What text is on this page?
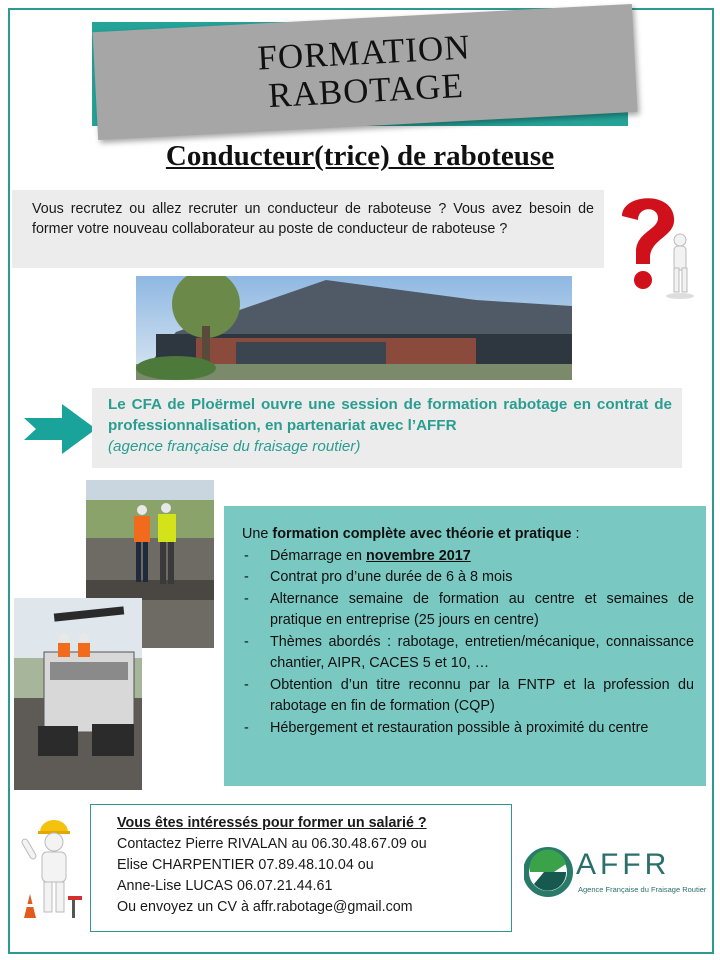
FORMATION
RABOTAGE
Conducteur(trice) de raboteuse
Vous recrutez ou allez recruter un conducteur de raboteuse ? Vous avez besoin de former votre nouveau collaborateur au poste de conducteur de raboteuse ?
Le CFA de Ploërmel ouvre une session de formation rabotage en contrat de professionnalisation, en partenariat avec l’AFFR
(agence française du fraisage routier)
Une formation complète avec théorie et pratique :
- Démarrage en novembre 2017
- Contrat pro d’une durée de 6 à 8 mois
- Alternance semaine de formation au centre et semaines de pratique en entreprise (25 jours en centre)
- Thèmes abordés : rabotage, entretien/mécanique, connaissance chantier, AIPR, CACES 5 et 10, …
- Obtention d’un titre reconnu par la FNTP et la profession du rabotage en fin de formation (CQP)
- Hébergement et restauration possible à proximité du centre
Vous êtes intéressés pour former un salarié ?
Contactez Pierre RIVALAN au 06.30.48.67.09 ou
Elise CHARPENTIER 07.89.48.10.04 ou
Anne-Lise LUCAS 06.07.21.44.61
Ou envoyez un CV à affr.rabotage@gmail.com
AFFR
Agence Française du Fraisage Routier
